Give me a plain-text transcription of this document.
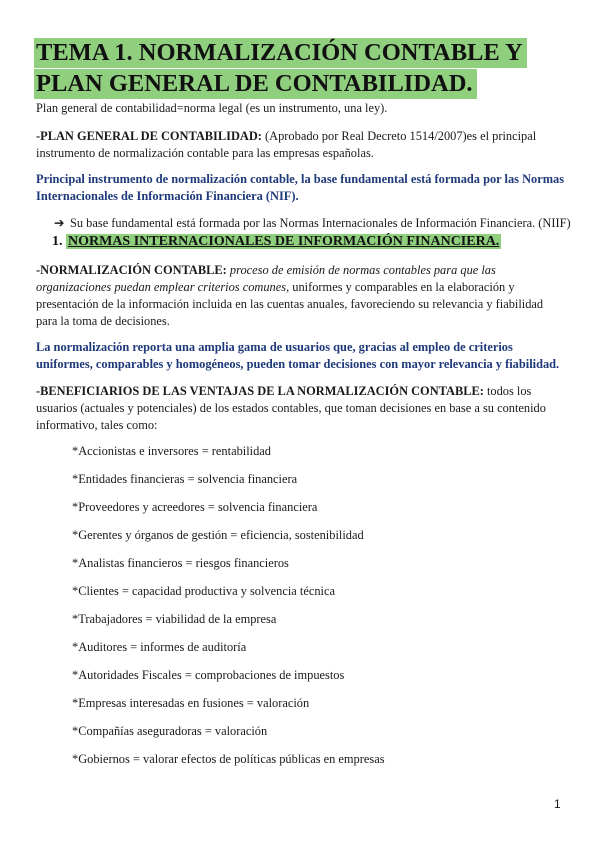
TEMA 1. NORMALIZACIÓN CONTABLE Y
PLAN GENERAL DE CONTABILIDAD.
Plan general de contabilidad=norma legal (es un instrumento, una ley).
-PLAN GENERAL DE CONTABILIDAD: (Aprobado por Real Decreto 1514/2007)es el principal instrumento de normalización contable para las empresas españolas.
Principal instrumento de normalización contable, la base fundamental está formada por las Normas Internacionales de Información Financiera (NIF).
➔ Su base fundamental está formada por las Normas Internacionales de Información Financiera. (NIIF)
1. NORMAS INTERNACIONALES DE INFORMACIÓN FINANCIERA.
-NORMALIZACIÓN CONTABLE: proceso de emisión de normas contables para que las organizaciones puedan emplear criterios comunes, uniformes y comparables en la elaboración y presentación de la información incluida en las cuentas anuales, favoreciendo su relevancia y fiabilidad para la toma de decisiones.
La normalización reporta una amplia gama de usuarios que, gracias al empleo de criterios uniformes, comparables y homogéneos, pueden tomar decisiones con mayor relevancia y fiabilidad.
-BENEFICIARIOS DE LAS VENTAJAS DE LA NORMALIZACIÓN CONTABLE: todos los usuarios (actuales y potenciales) de los estados contables, que toman decisiones en base a su contenido informativo, tales como:
*Accionistas e inversores = rentabilidad
*Entidades financieras = solvencia financiera
*Proveedores y acreedores = solvencia financiera
*Gerentes y órganos de gestión = eficiencia, sostenibilidad
*Analistas financieros = riesgos financieros
*Clientes = capacidad productiva y solvencia técnica
*Trabajadores = viabilidad de la empresa
*Auditores = informes de auditoría
*Autoridades Fiscales = comprobaciones de impuestos
*Empresas interesadas en fusiones = valoración
*Compañías aseguradoras = valoración
*Gobiernos = valorar efectos de políticas públicas en empresas
1
